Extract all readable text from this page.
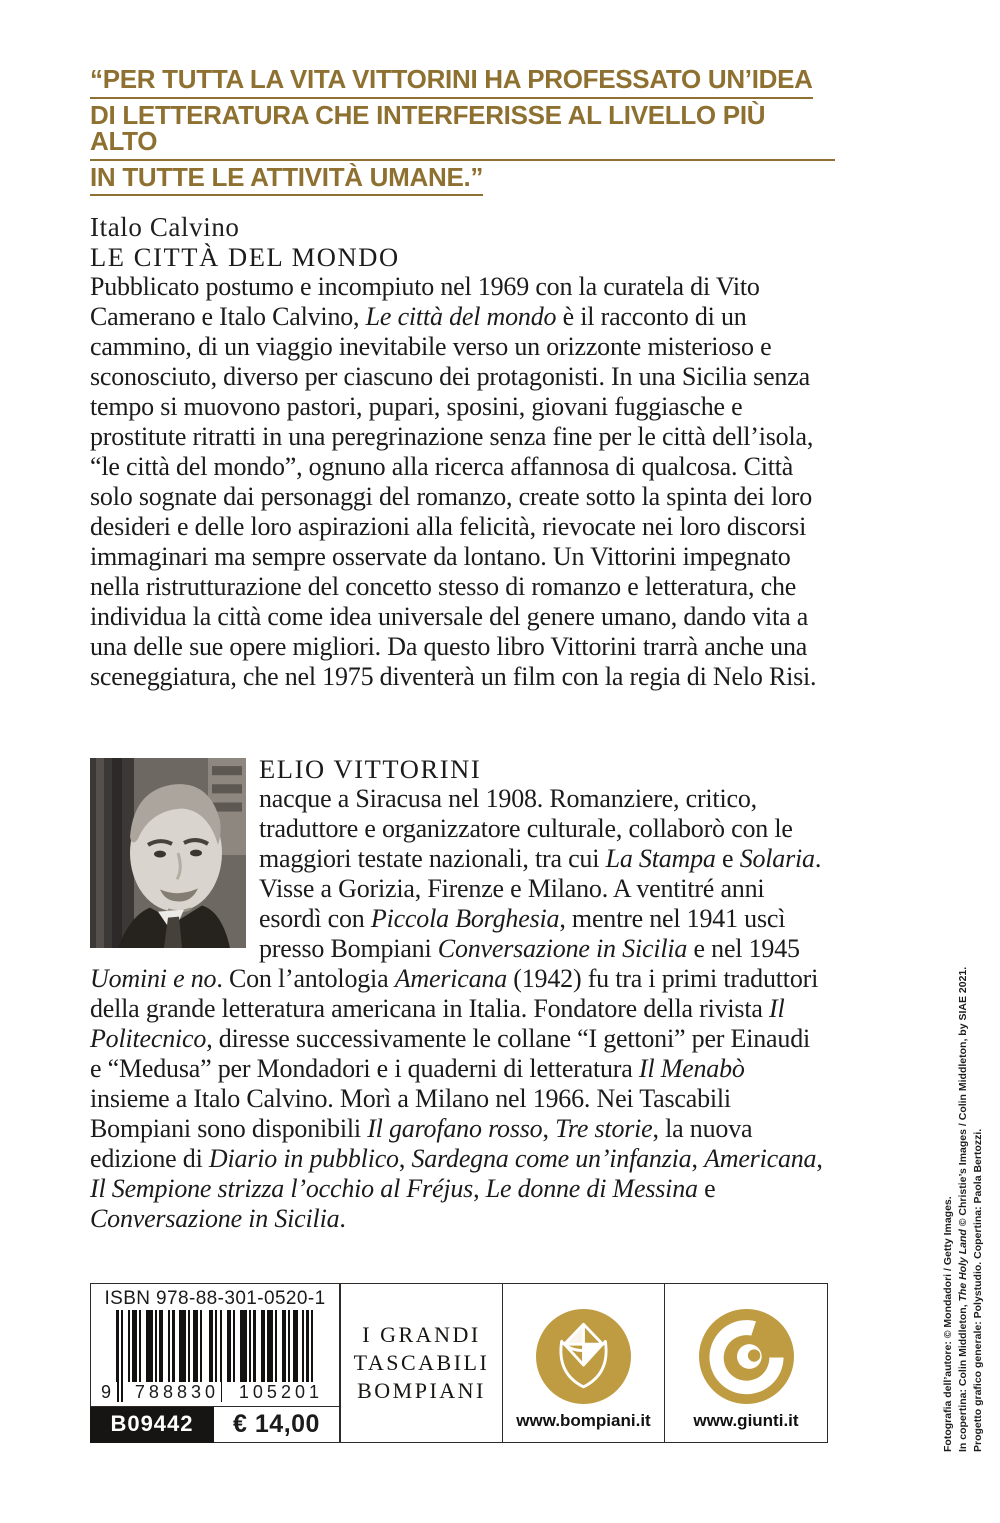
“PER TUTTA LA VITA VITTORINI HA PROFESSATO UN’IDEA
DI LETTERATURA CHE INTERFERISSE AL LIVELLO PIÙ ALTO
IN TUTTE LE ATTIVITÀ UMANE.”
Italo Calvino
LE CITTÀ DEL MONDO

Pubblicato postumo e incompiuto nel 1969 con la curatela di Vito Camerano e Italo Calvino, Le città del mondo è il racconto di un cammino, di un viaggio inevitabile verso un orizzonte misterioso e sconosciuto, diverso per ciascuno dei protagonisti. In una Sicilia senza tempo si muovono pastori, pupari, sposini, giovani fuggiasche e prostitute ritratti in una peregrinazione senza fine per le città dell’isola, “le città del mondo”, ognuno alla ricerca affannosa di qualcosa. Città solo sognate dai personaggi del romanzo, create sotto la spinta dei loro desideri e delle loro aspirazioni alla felicità, rievocate nei loro discorsi immaginari ma sempre osservate da lontano. Un Vittorini impegnato nella ristrutturazione del concetto stesso di romanzo e letteratura, che individua la città come idea universale del genere umano, dando vita a una delle sue opere migliori. Da questo libro Vittorini trarrà anche una sceneggiatura, che nel 1975 diventerà un film con la regia di Nelo Risi.

ELIO VITTORINI

nacque a Siracusa nel 1908. Romanziere, critico, traduttore e organizzatore culturale, collaborò con le maggiori testate nazionali, tra cui La Stampa e Solaria. Visse a Gorizia, Firenze e Milano. A ventitré anni esordì con Piccola Borghesia, mentre nel 1941 uscì presso Bompiani Conversazione in Sicilia e nel 1945 Uomini e no. Con l’antologia Americana (1942) fu tra i primi traduttori della grande letteratura americana in Italia. Fondatore della rivista Il Politecnico, diresse successivamente le collane “I gettoni” per Einaudi e “Medusa” per Mondadori e i quaderni di letteratura Il Menabò insieme a Italo Calvino. Morì a Milano nel 1966. Nei Tascabili Bompiani sono disponibili Il garofano rosso, Tre storie, la nuova edizione di Diario in pubblico, Sardegna come un’infanzia, Americana, Il Sempione strizza l’occhio al Fréjus, Le donne di Messina e Conversazione in Sicilia.

ISBN 978-88-301-0520-1
9 788830 105201
B09442	€ 14,00
I GRANDI
TASCABILI
BOMPIANI
www.bompiani.it	www.giunti.it	Fotografia dell’autore: © Mondadori / Getty Images. In copertina: Colin Middleton, The Holy Land © Christie’s Images / Colin Middleton, by SIAE 2021.
Progetto grafico generale: Polystudio. Copertina: Paola Bertozzi.
